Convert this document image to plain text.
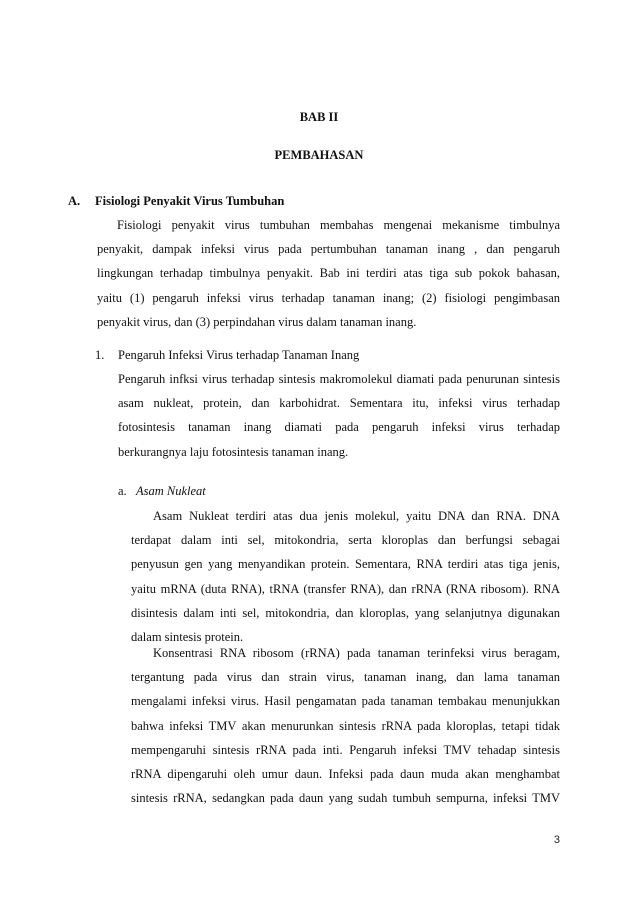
BAB II
PEMBAHASAN
A. Fisiologi Penyakit Virus Tumbuhan
Fisiologi penyakit virus tumbuhan membahas mengenai mekanisme timbulnya
penyakit, dampak infeksi virus pada pertumbuhan tanaman inang , dan pengaruh
lingkungan terhadap timbulnya penyakit. Bab ini terdiri atas tiga sub pokok bahasan,
yaitu (1) pengaruh infeksi virus terhadap tanaman inang; (2) fisiologi pengimbasan
penyakit virus, dan (3) perpindahan virus dalam tanaman inang.
1. Pengaruh Infeksi Virus terhadap Tanaman Inang
Pengaruh infksi virus terhadap sintesis makromolekul diamati pada penurunan sintesis
asam nukleat, protein, dan karbohidrat. Sementara itu, infeksi virus terhadap
fotosintesis tanaman inang diamati pada pengaruh infeksi virus terhadap
berkurangnya laju fotosintesis tanaman inang.
a. Asam Nukleat
Asam Nukleat terdiri atas dua jenis molekul, yaitu DNA dan RNA. DNA
terdapat dalam inti sel, mitokondria, serta kloroplas dan berfungsi sebagai
penyusun gen yang menyandikan protein. Sementara, RNA terdiri atas tiga jenis,
yaitu mRNA (duta RNA), tRNA (transfer RNA), dan rRNA (RNA ribosom). RNA
disintesis dalam inti sel, mitokondria, dan kloroplas, yang selanjutnya digunakan
dalam sintesis protein.
Konsentrasi RNA ribosom (rRNA) pada tanaman terinfeksi virus beragam,
tergantung pada virus dan strain virus, tanaman inang, dan lama tanaman
mengalami infeksi virus. Hasil pengamatan pada tanaman tembakau menunjukkan
bahwa infeksi TMV akan menurunkan sintesis rRNA pada kloroplas, tetapi tidak
mempengaruhi sintesis rRNA pada inti. Pengaruh infeksi TMV tehadap sintesis
rRNA dipengaruhi oleh umur daun. Infeksi pada daun muda akan menghambat
sintesis rRNA, sedangkan pada daun yang sudah tumbuh sempurna, infeksi TMV
3
